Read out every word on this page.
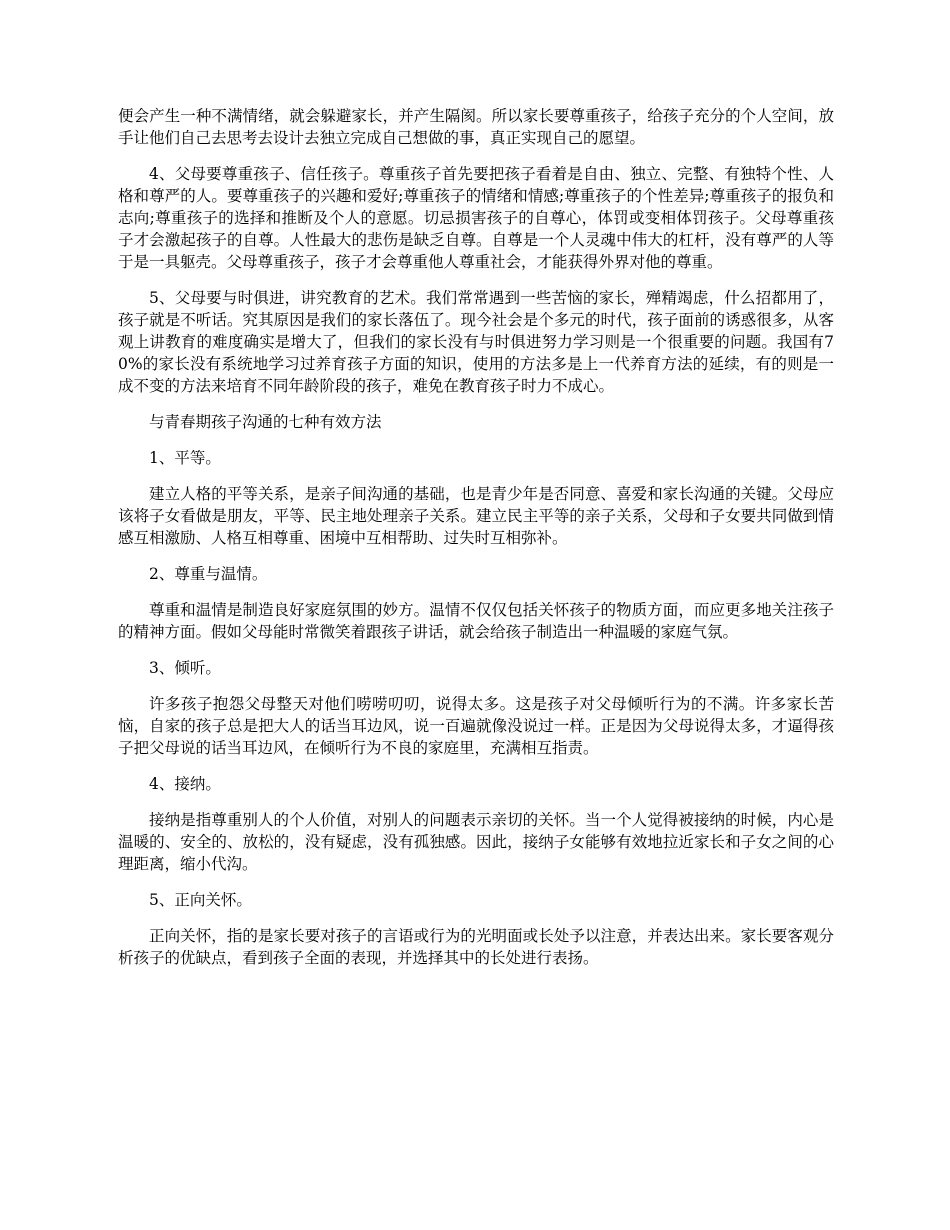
便会产生一种不满情绪，就会躲避家长，并产生隔阂。所以家长要尊重孩子，给孩子充分的个人空间，放手让他们自己去思考去设计去独立完成自己想做的事，真正实现自己的愿望。

4、父母要尊重孩子、信任孩子。尊重孩子首先要把孩子看着是自由、独立、完整、有独特个性、人格和尊严的人。要尊重孩子的兴趣和爱好;尊重孩子的情绪和情感;尊重孩子的个性差异;尊重孩子的报负和志向;尊重孩子的选择和推断及个人的意愿。切忌损害孩子的自尊心，体罚或变相体罚孩子。父母尊重孩子才会激起孩子的自尊。人性最大的悲伤是缺乏自尊。自尊是一个人灵魂中伟大的杠杆，没有尊严的人等于是一具躯壳。父母尊重孩子，孩子才会尊重他人尊重社会，才能获得外界对他的尊重。

5、父母要与时俱进，讲究教育的艺术。我们常常遇到一些苦恼的家长，殚精竭虑，什么招都用了，孩子就是不听话。究其原因是我们的家长落伍了。现今社会是个多元的时代，孩子面前的诱惑很多，从客观上讲教育的难度确实是增大了，但我们的家长没有与时俱进努力学习则是一个很重要的问题。我国有70%的家长没有系统地学习过养育孩子方面的知识，使用的方法多是上一代养育方法的延续，有的则是一成不变的方法来培育不同年龄阶段的孩子，难免在教育孩子时力不成心。

与青春期孩子沟通的七种有效方法

1、平等。

建立人格的平等关系，是亲子间沟通的基础，也是青少年是否同意、喜爱和家长沟通的关键。父母应该将子女看做是朋友，平等、民主地处理亲子关系。建立民主平等的亲子关系，父母和子女要共同做到情感互相激励、人格互相尊重、困境中互相帮助、过失时互相弥补。

2、尊重与温情。

尊重和温情是制造良好家庭氛围的妙方。温情不仅仅包括关怀孩子的物质方面，而应更多地关注孩子的精神方面。假如父母能时常微笑着跟孩子讲话，就会给孩子制造出一种温暖的家庭气氛。

3、倾听。

许多孩子抱怨父母整天对他们唠唠叨叨，说得太多。这是孩子对父母倾听行为的不满。许多家长苦恼，自家的孩子总是把大人的话当耳边风，说一百遍就像没说过一样。正是因为父母说得太多，才逼得孩子把父母说的话当耳边风，在倾听行为不良的家庭里，充满相互指责。

4、接纳。

接纳是指尊重别人的个人价值，对别人的问题表示亲切的关怀。当一个人觉得被接纳的时候，内心是温暖的、安全的、放松的，没有疑虑，没有孤独感。因此，接纳子女能够有效地拉近家长和子女之间的心理距离，缩小代沟。

5、正向关怀。

正向关怀，指的是家长要对孩子的言语或行为的光明面或长处予以注意，并表达出来。家长要客观分析孩子的优缺点，看到孩子全面的表现，并选择其中的长处进行表扬。
